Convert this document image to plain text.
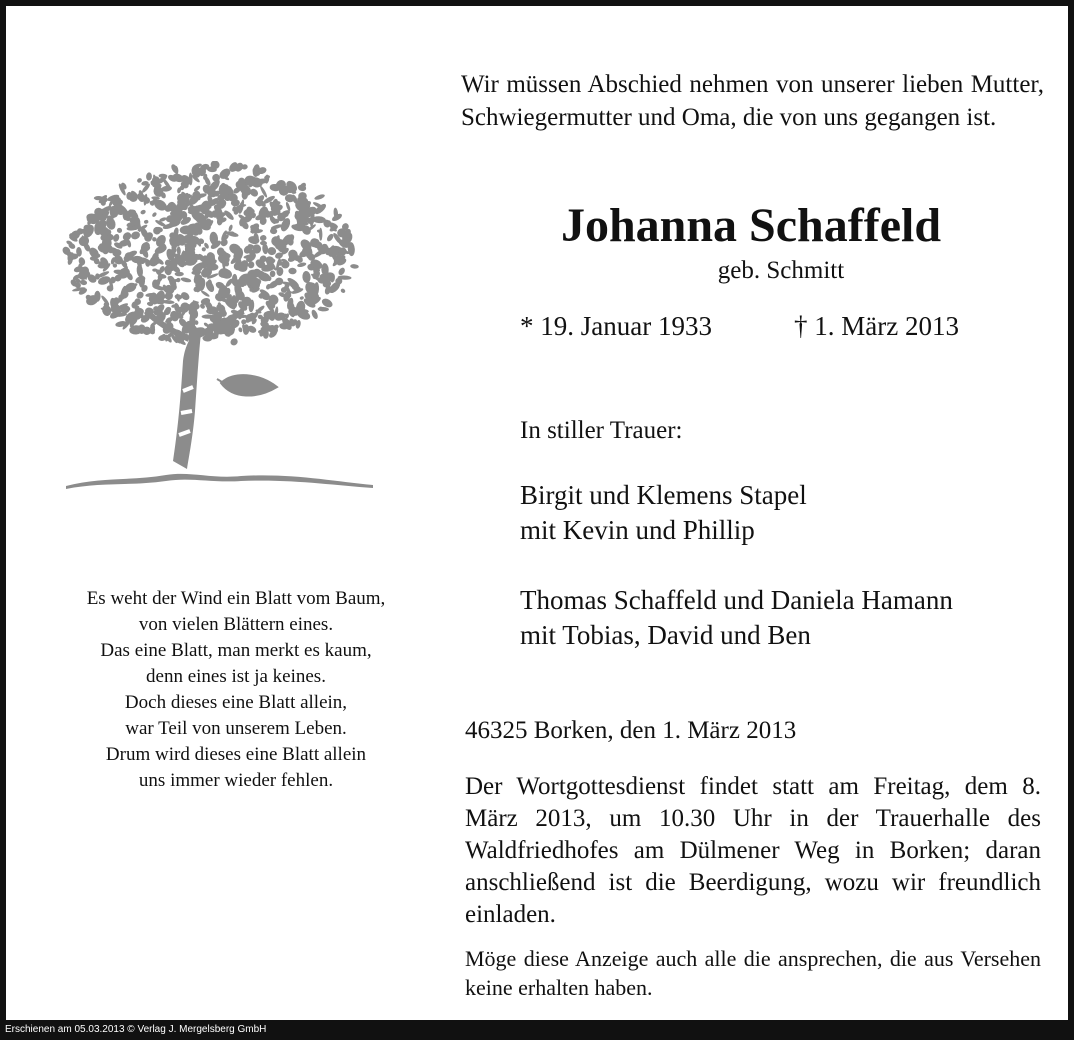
Wir müssen Abschied nehmen von unserer lieben Mutter, Schwiegermutter und Oma, die von uns gegangen ist.
Johanna Schaffeld
geb. Schmitt
* 19. Januar 1933	† 1. März 2013
In stiller Trauer:
Birgit und Klemens Stapel
mit Kevin und Phillip
Thomas Schaffeld und Daniela Hamann
mit Tobias, David und Ben
46325 Borken, den 1. März 2013
Der Wortgottesdienst findet statt am Freitag, dem 8. März 2013, um 10.30 Uhr in der Trauerhalle des Waldfriedhofes am Dülmener Weg in Borken; daran anschließend ist die Beerdigung, wozu wir freundlich einladen.
Möge diese Anzeige auch alle die ansprechen, die aus Versehen keine erhalten haben.
Es weht der Wind ein Blatt vom Baum,
von vielen Blättern eines.
Das eine Blatt, man merkt es kaum,
denn eines ist ja keines.
Doch dieses eine Blatt allein,
war Teil von unserem Leben.
Drum wird dieses eine Blatt allein
uns immer wieder fehlen.
Erschienen am 05.03.2013 © Verlag J. Mergelsberg GmbH
